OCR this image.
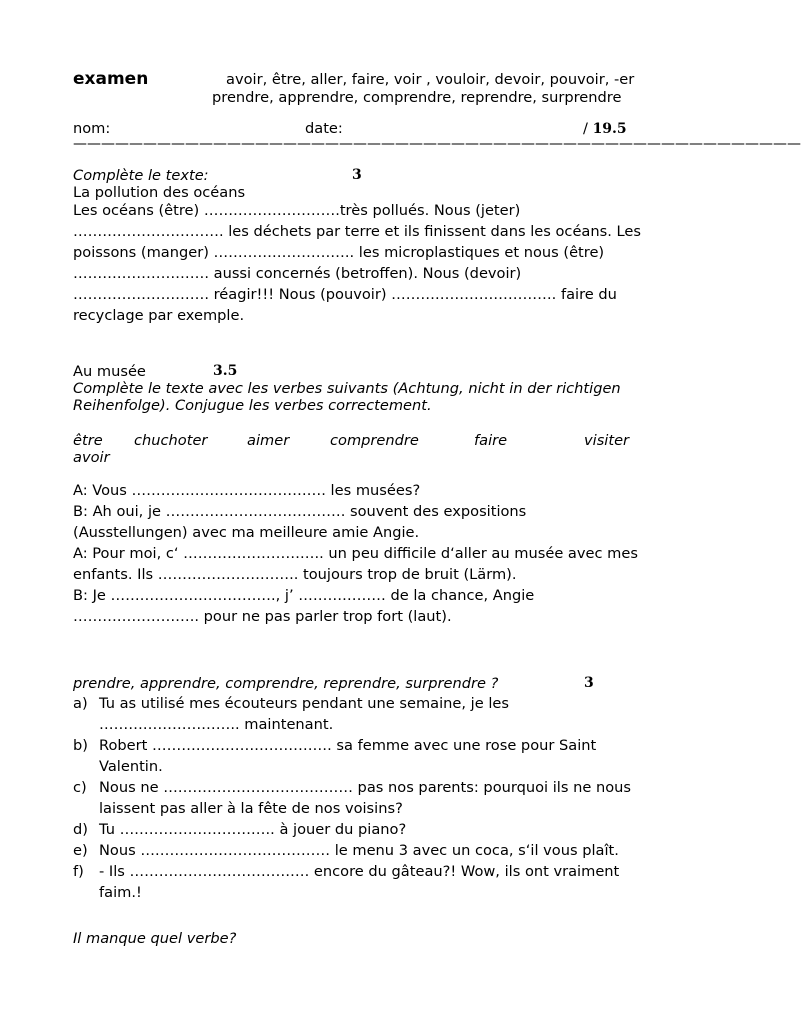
examen	avoir, être, aller, faire, voir , vouloir, devoir, pouvoir, -er
prendre, apprendre, comprendre, reprendre, surprendre
nom:	date:	/ 19.5
————————————————————————————————————————————————————
Complète le texte:	3
La pollution des océans
Les océans (être) ……………………….très pollués. Nous (jeter)
…………………………. les déchets par terre et ils finissent dans les océans. Les
poissons (manger) ……………………….. les microplastiques et nous (être)
………………………. aussi concernés (betroffen). Nous (devoir)
………………………. réagir!!! Nous (pouvoir) ……………………………. faire du
recyclage par exemple.
Au musée	3.5
Complète le texte avec les verbes suivants (Achtung, nicht in der richtigen
Reihenfolge). Conjugue les verbes correctement.
être chuchoter	aimer	comprendre	faire	visiter
avoir
A: Vous …………………………………. les musées?
B: Ah oui, je ………………………………. souvent des expositions
(Ausstellungen) avec ma meilleure amie Angie.
A: Pour moi, c‘ ……………………….. un peu difficile d‘aller au musée avec mes
enfants. Ils ……………………….. toujours trop de bruit (Lärm).
B: Je ……………………………., j’ ……………… de la chance, Angie
…………………….. pour ne pas parler trop fort (laut).
prendre, apprendre, comprendre, reprendre, surprendre ?	3
a) Tu as utilisé mes écouteurs pendant une semaine, je les
……………………….. maintenant.
b) Robert ………………………………. sa femme avec une rose pour Saint
Valentin.
c) Nous ne ………………………………… pas nos parents: pourquoi ils ne nous
laissent pas aller à la fête de nos voisins?
d) Tu ………………………….. à jouer du piano?
e) Nous ………………………………… le menu 3 avec un coca, s‘il vous plaît.
f) - Ils ………………………………. encore du gâteau?! Wow, ils ont vraiment
faim.!
Il manque quel verbe?
